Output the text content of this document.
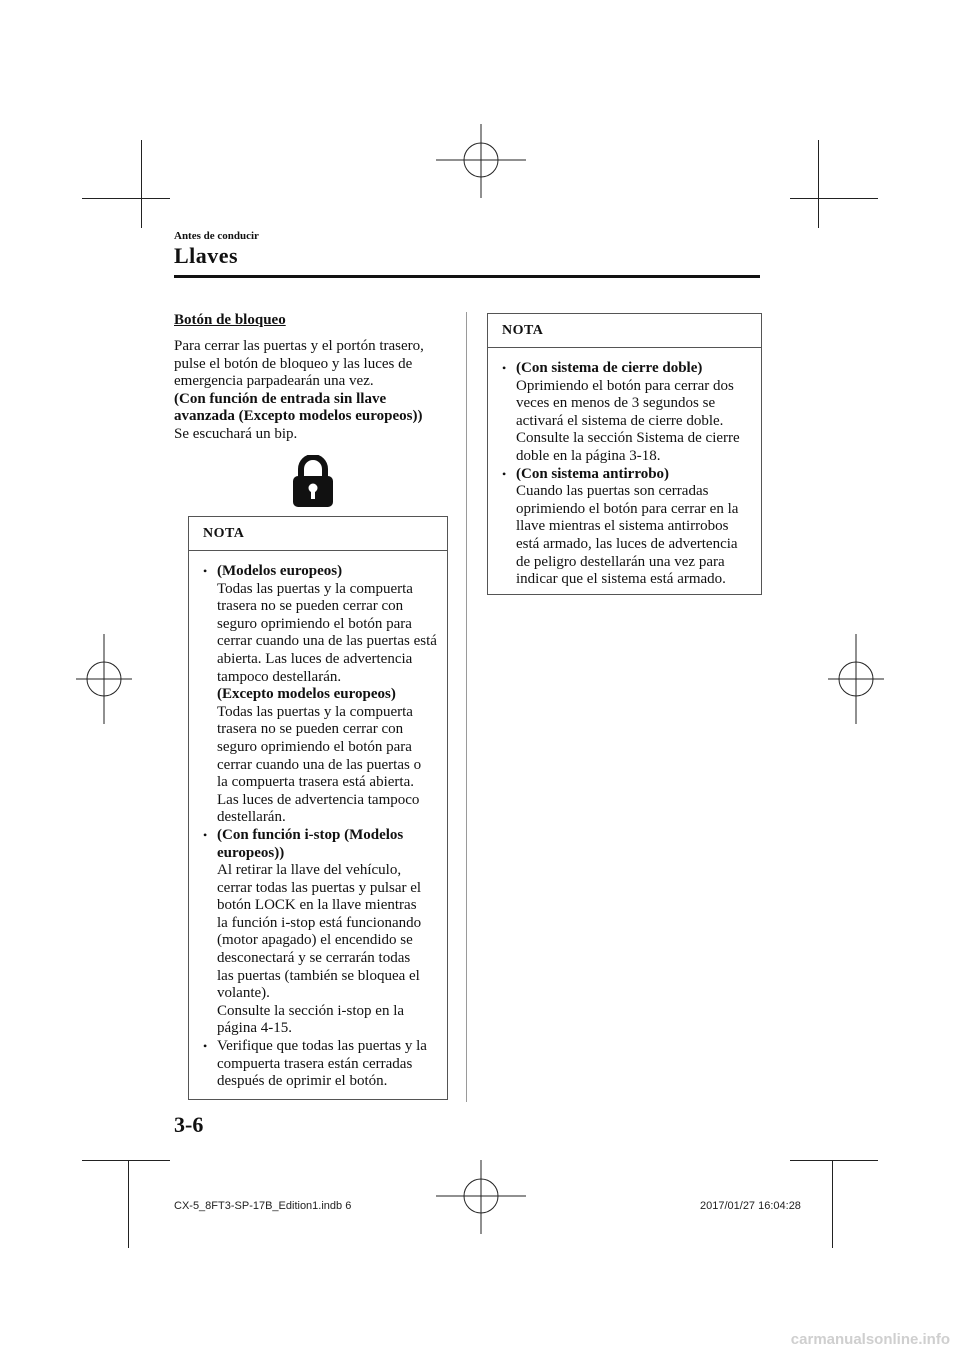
Antes de conducir
Llaves
Botón de bloqueo
Para cerrar las puertas y el portón trasero,
pulse el botón de bloqueo y las luces de
emergencia parpadearán una vez.
(Con función de entrada sin llave
avanzada (Excepto modelos europeos))
Se escuchará un bip.
NOTA
• (Modelos europeos)

Todas las puertas y la compuerta

trasera no se pueden cerrar con

seguro oprimiendo el botón para

cerrar cuando una de las puertas está

abierta. Las luces de advertencia

tampoco destellarán.

(Excepto modelos europeos)

Todas las puertas y la compuerta

trasera no se pueden cerrar con

seguro oprimiendo el botón para

cerrar cuando una de las puertas o

la compuerta trasera está abierta.

Las luces de advertencia tampoco

destellarán.

• (Con función i-stop (Modelos

europeos))

Al retirar la llave del vehículo,

cerrar todas las puertas y pulsar el

botón LOCK en la llave mientras

la función i-stop está funcionando

(motor apagado) el encendido se

desconectará y se cerrarán todas

las puertas (también se bloquea el

volante).

Consulte la sección i-stop en la

página 4-15.

• Verifique que todas las puertas y la

compuerta trasera están cerradas

después de oprimir el botón.

NOTA
• (Con sistema de cierre doble)

Oprimiendo el botón para cerrar dos

veces en menos de 3 segundos se

activará el sistema de cierre doble.

Consulte la sección Sistema de cierre

doble en la página 3-18.

• (Con sistema antirrobo)

Cuando las puertas son cerradas

oprimiendo el botón para cerrar en la

llave mientras el sistema antirrobos

está armado, las luces de advertencia

de peligro destellarán una vez para

indicar que el sistema está armado.

3-6
CX-5_8FT3-SP-17B_Edition1.indb 6	2017/01/27 16:04:28
carmanualsonline.info
